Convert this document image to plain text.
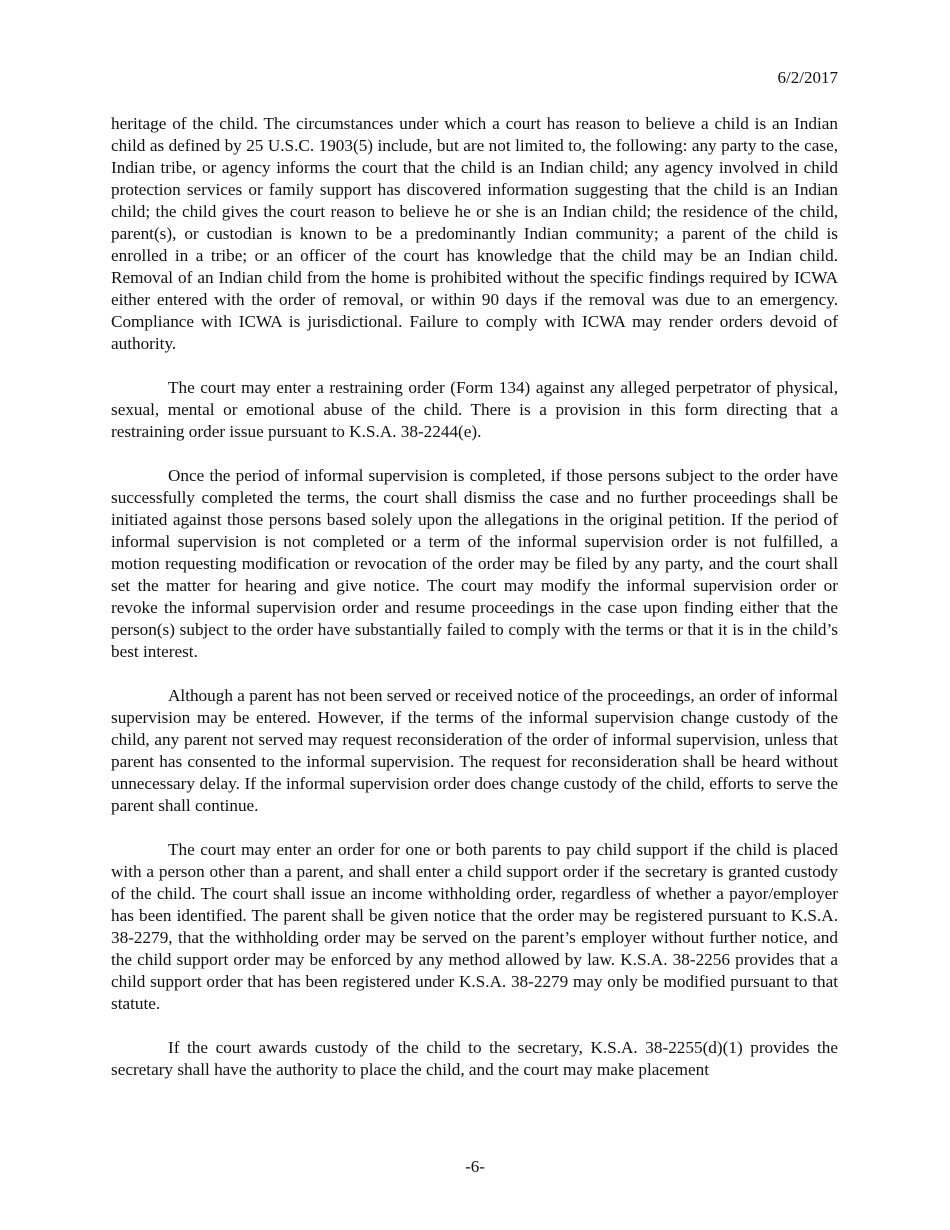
6/2/2017

heritage of the child. The circumstances under which a court has reason to believe a child is an Indian child as defined by 25 U.S.C. 1903(5) include, but are not limited to, the following: any party to the case, Indian tribe, or agency informs the court that the child is an Indian child; any agency involved in child protection services or family support has discovered information suggesting that the child is an Indian child; the child gives the court reason to believe he or she is an Indian child; the residence of the child, parent(s), or custodian is known to be a predominantly Indian community; a parent of the child is enrolled in a tribe; or an officer of the court has knowledge that the child may be an Indian child. Removal of an Indian child from the home is prohibited without the specific findings required by ICWA either entered with the order of removal, or within 90 days if the removal was due to an emergency. Compliance with ICWA is jurisdictional. Failure to comply with ICWA may render orders devoid of authority.

The court may enter a restraining order (Form 134) against any alleged perpetrator of physical, sexual, mental or emotional abuse of the child. There is a provision in this form directing that a restraining order issue pursuant to K.S.A. 38-2244(e).

Once the period of informal supervision is completed, if those persons subject to the order have successfully completed the terms, the court shall dismiss the case and no further proceedings shall be initiated against those persons based solely upon the allegations in the original petition. If the period of informal supervision is not completed or a term of the informal supervision order is not fulfilled, a motion requesting modification or revocation of the order may be filed by any party, and the court shall set the matter for hearing and give notice. The court may modify the informal supervision order or revoke the informal supervision order and resume proceedings in the case upon finding either that the person(s) subject to the order have substantially failed to comply with the terms or that it is in the child’s best interest.

Although a parent has not been served or received notice of the proceedings, an order of informal supervision may be entered. However, if the terms of the informal supervision change custody of the child, any parent not served may request reconsideration of the order of informal supervision, unless that parent has consented to the informal supervision. The request for reconsideration shall be heard without unnecessary delay. If the informal supervision order does change custody of the child, efforts to serve the parent shall continue.

The court may enter an order for one or both parents to pay child support if the child is placed with a person other than a parent, and shall enter a child support order if the secretary is granted custody of the child. The court shall issue an income withholding order, regardless of whether a payor/employer has been identified. The parent shall be given notice that the order may be registered pursuant to K.S.A. 38-2279, that the withholding order may be served on the parent’s employer without further notice, and the child support order may be enforced by any method allowed by law. K.S.A. 38-2256 provides that a child support order that has been registered under K.S.A. 38-2279 may only be modified pursuant to that statute.

If the court awards custody of the child to the secretary, K.S.A. 38-2255(d)(1) provides the secretary shall have the authority to place the child, and the court may make placement

-6-
